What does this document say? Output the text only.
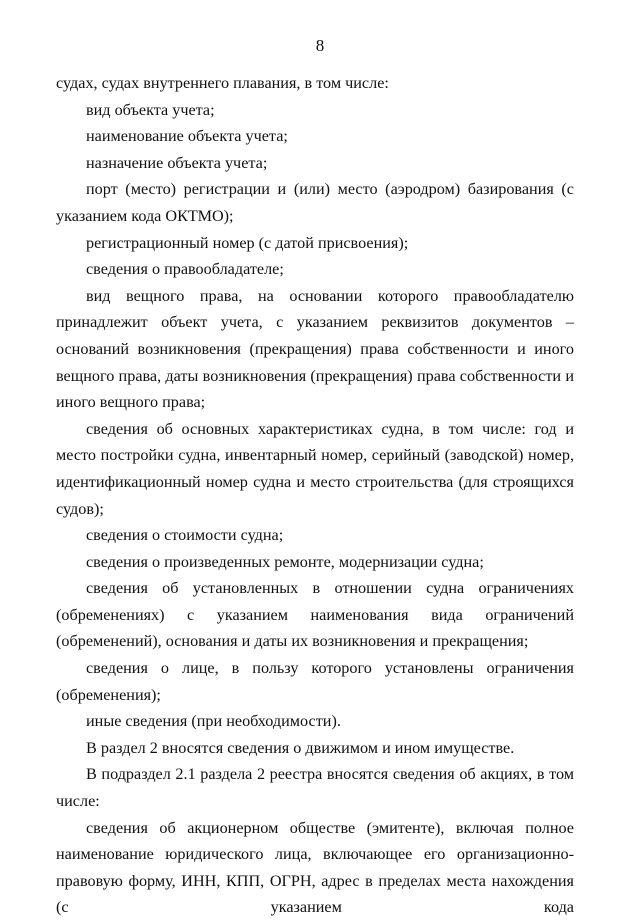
8

судах, судах внутреннего плавания, в том числе:

вид объекта учета;

наименование объекта учета;

назначение объекта учета;

порт (место) регистрации и (или) место (аэродром) базирования (с указанием кода ОКТМО);

регистрационный номер (с датой присвоения);

сведения о правообладателе;

вид вещного права, на основании которого правообладателю принадлежит объект учета, с указанием реквизитов документов – оснований возникновения (прекращения) права собственности и иного вещного права, даты возникновения (прекращения) права собственности и иного вещного права;

сведения об основных характеристиках судна, в том числе: год и место постройки судна, инвентарный номер, серийный (заводской) номер, идентификационный номер судна и место строительства (для строящихся судов);

сведения о стоимости судна;

сведения о произведенных ремонте, модернизации судна;

сведения об установленных в отношении судна ограничениях (обременениях) с указанием наименования вида ограничений (обременений), основания и даты их возникновения и прекращения;

сведения о лице, в пользу которого установлены ограничения (обременения);

иные сведения (при необходимости).

В раздел 2 вносятся сведения о движимом и ином имуществе.

В подраздел 2.1 раздела 2 реестра вносятся сведения об акциях, в том числе:

сведения об акционерном обществе (эмитенте), включая полное наименование юридического лица, включающее его организационно-правовую форму, ИНН, КПП, ОГРН, адрес в пределах места нахождения (с указанием кода
